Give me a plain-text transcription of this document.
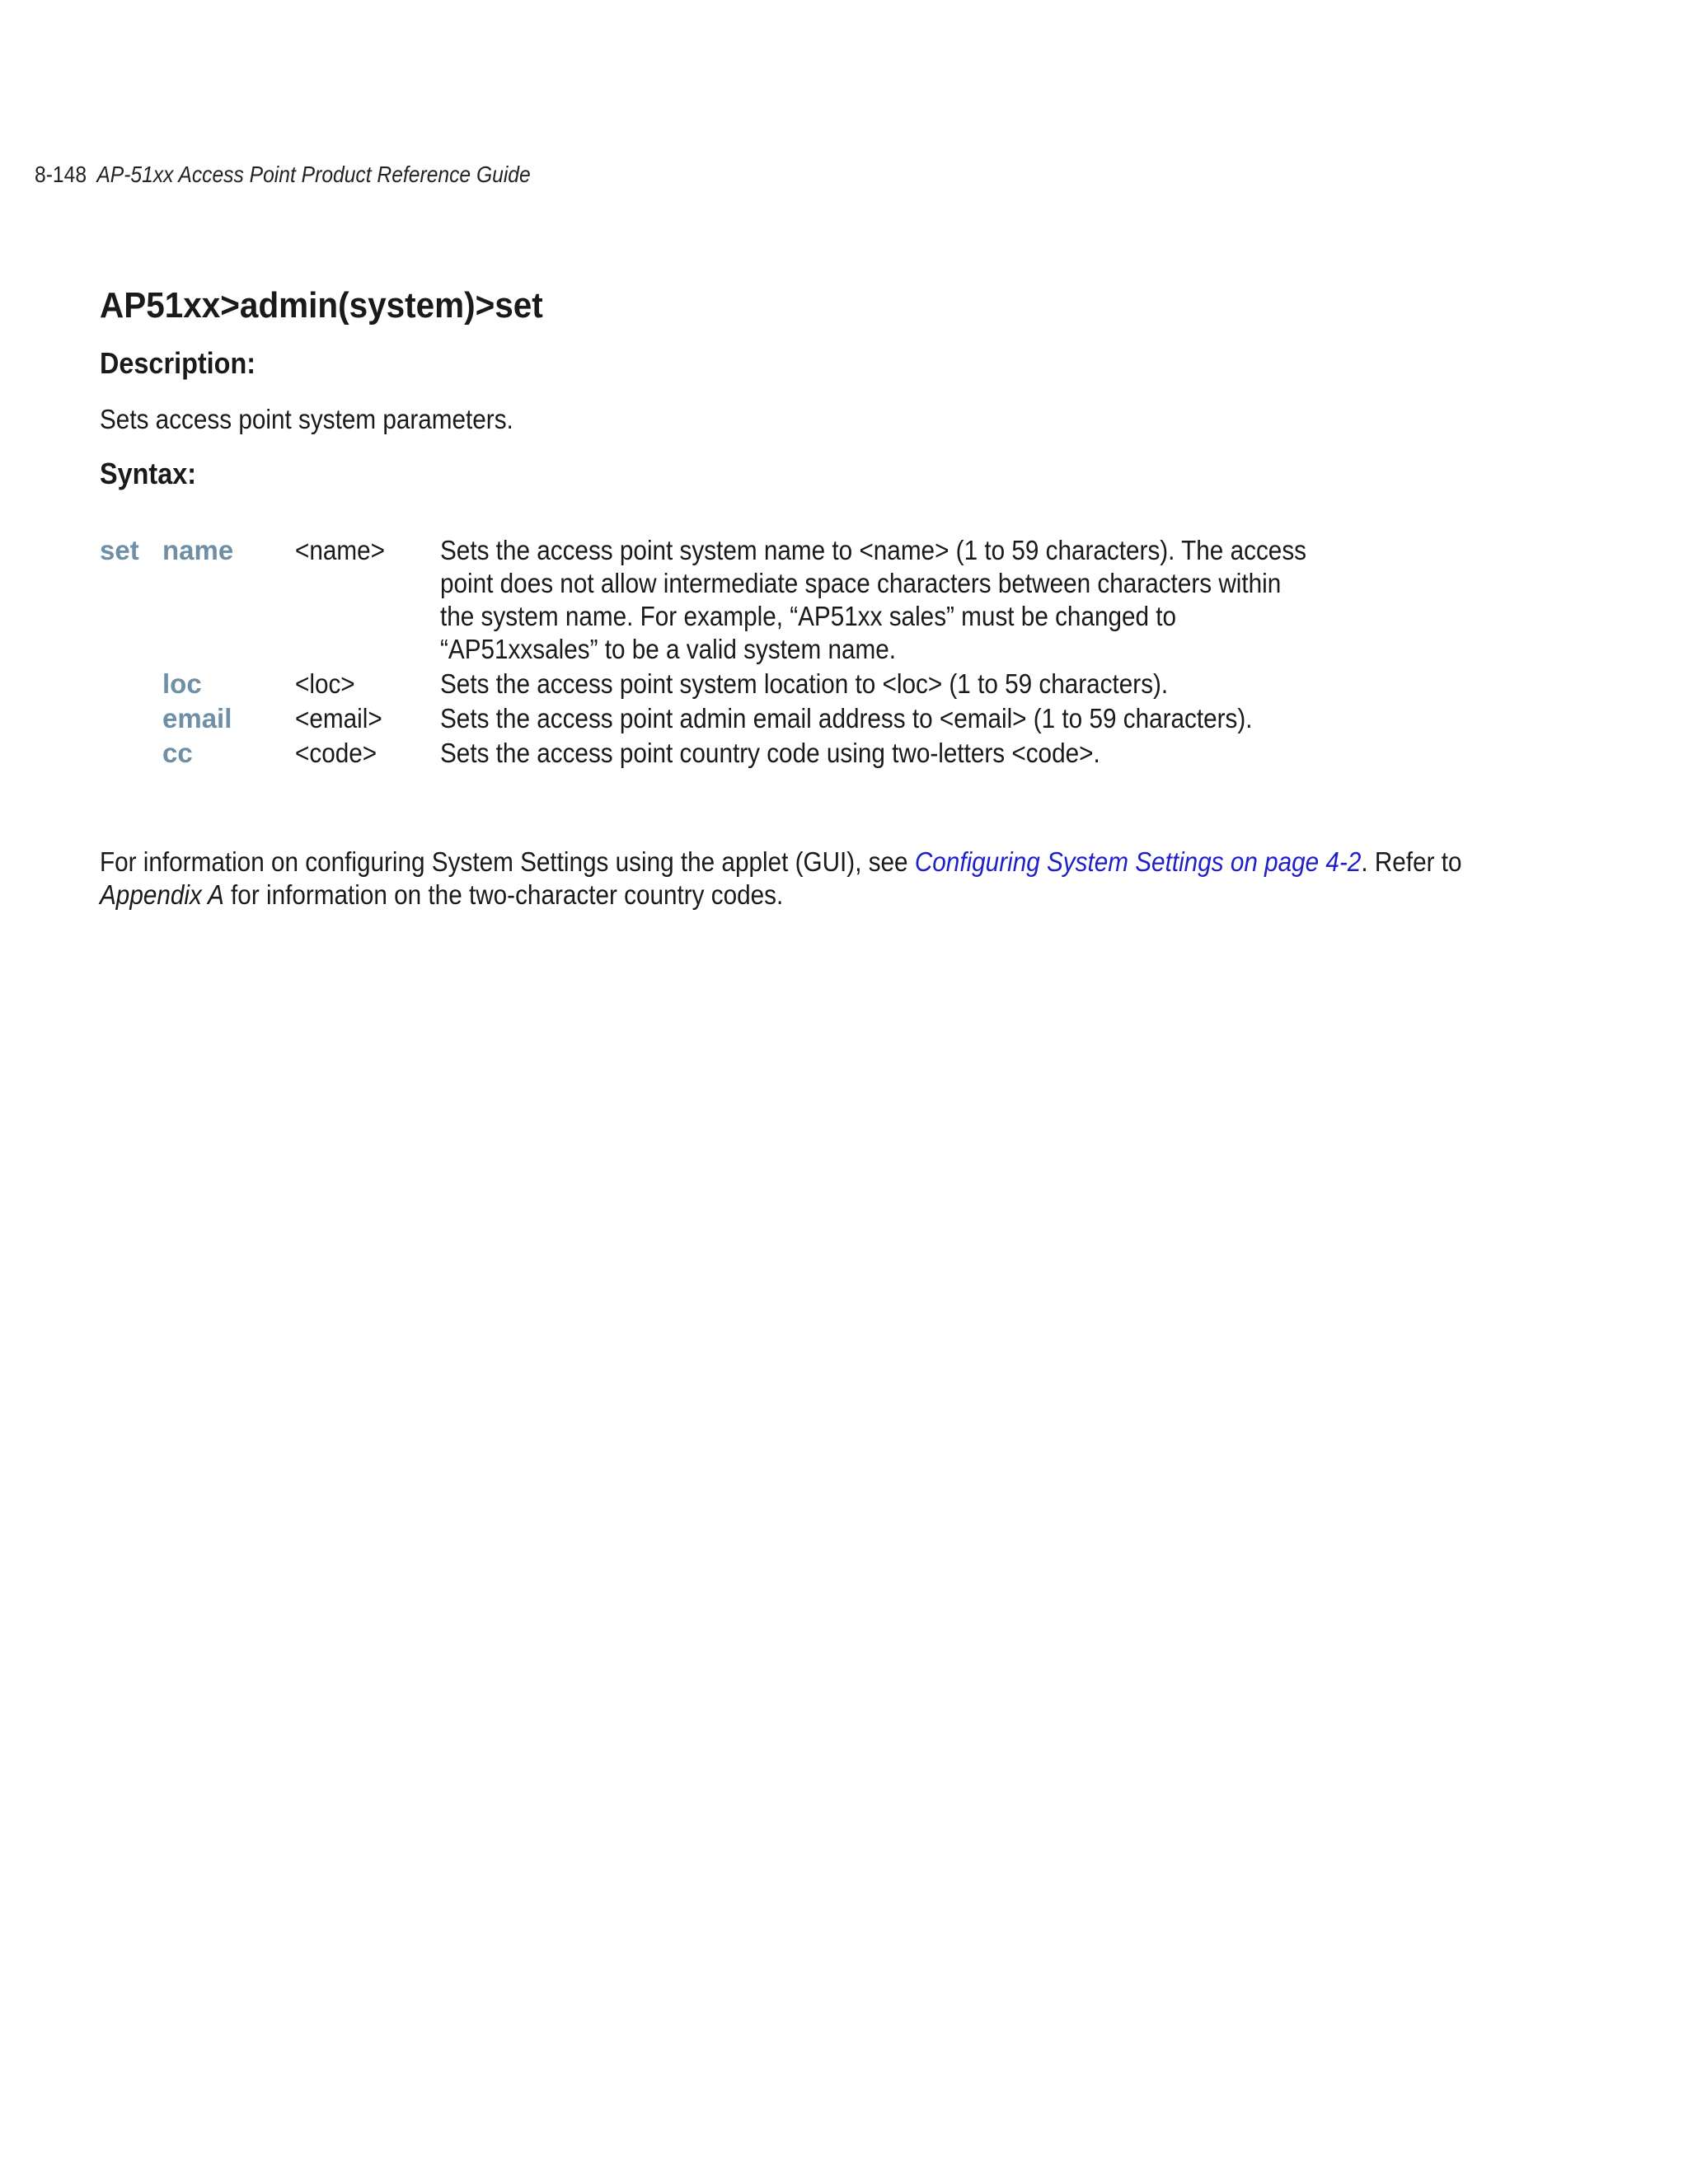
8-148 AP-51xx Access Point Product Reference Guide
AP51xx>admin(system)>set
Description:
Sets access point system parameters.
Syntax:
set name <name> Sets the access point system name to <name> (1 to 59 characters). The access
point does not allow intermediate space characters between characters within
the system name. For example, “AP51xx sales” must be changed to
“AP51xxsales” to be a valid system name.
loc	<loc>	Sets the access point system location to <loc> (1 to 59 characters).
email <email> Sets the access point admin email address to <email> (1 to 59 characters).
cc	<code> Sets the access point country code using two-letters <code>.
For information on configuring System Settings using the applet (GUI), see Configuring System Settings on page 4-2. Refer to
Appendix A for information on the two-character country codes.
